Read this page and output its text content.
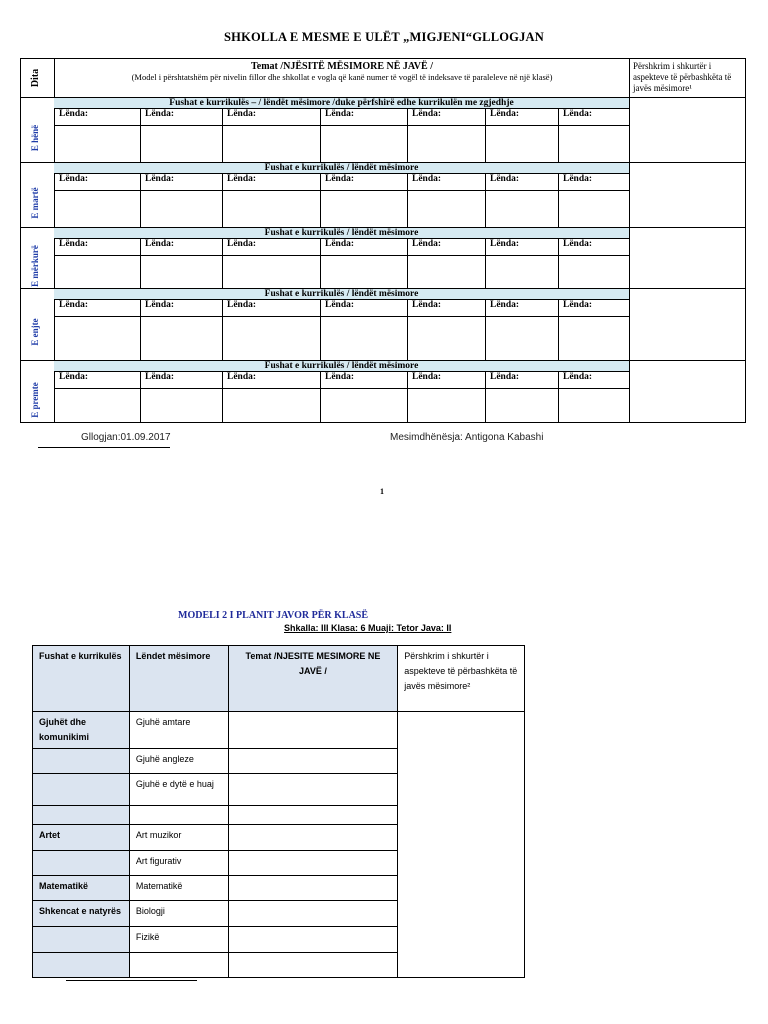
SHKOLLA E MESME E ULËT „MIGJENI“GLLOGJAN
Dita
Temat /NJËSITË MËSIMORE NË JAVË /
(Model i përshtatshëm për nivelin fillor dhe shkollat e vogla që kanë numer të vogël të indeksave të paraleleve në një klasë)
Përshkrim i shkurtër i aspekteve të përbashkëta të javës mësimore¹
E hënë
Fushat e kurrikulës – / lëndët mësimore /duke përfshirë edhe kurrikulën me zgjedhje
Lënda:	Lënda:	Lënda:	Lënda:	Lënda:	Lënda:	Lënda:
E martë
Fushat e kurrikulës / lëndët mësimore
Lënda:	Lënda:	Lënda:	Lënda:	Lënda:	Lënda:	Lënda:
E mërkurë
Fushat e kurrikulës / lëndët mësimore
Lënda:	Lënda:	Lënda:	Lënda:	Lënda:	Lënda:	Lënda:
E enjte
Fushat e kurrikulës / lëndët mësimore
Lënda:	Lënda:	Lënda:	Lënda:	Lënda:	Lënda:	Lënda:
E premte
Fushat e kurrikulës / lëndët mësimore
Lënda:	Lënda:	Lënda:	Lënda:	Lënda:	Lënda:	Lënda:
Gllogjan:01.09.2017	Mesimdhënësja: Antigona Kabashi
1
MODELI 2 I PLANIT JAVOR PËR KLASË
Shkalla: III Klasa: 6 Muaji: Tetor Java: II
Fushat e kurrikulës	Lëndet mësimore	Temat /NJESITE MESIMORE NE JAVË /	Përshkrim i shkurtër i aspekteve të përbashkëta të javës mësimore²
Gjuhët dhe komunikimi	Gjuhë amtare		
	Gjuhë angleze		
	Gjuhë e dytë e huaj		

Artet	Art muzikor		
	Art figurativ		
Matematikë	Matematikë		
Shkencat e natyrës	Biologji		
	Fizikë		
